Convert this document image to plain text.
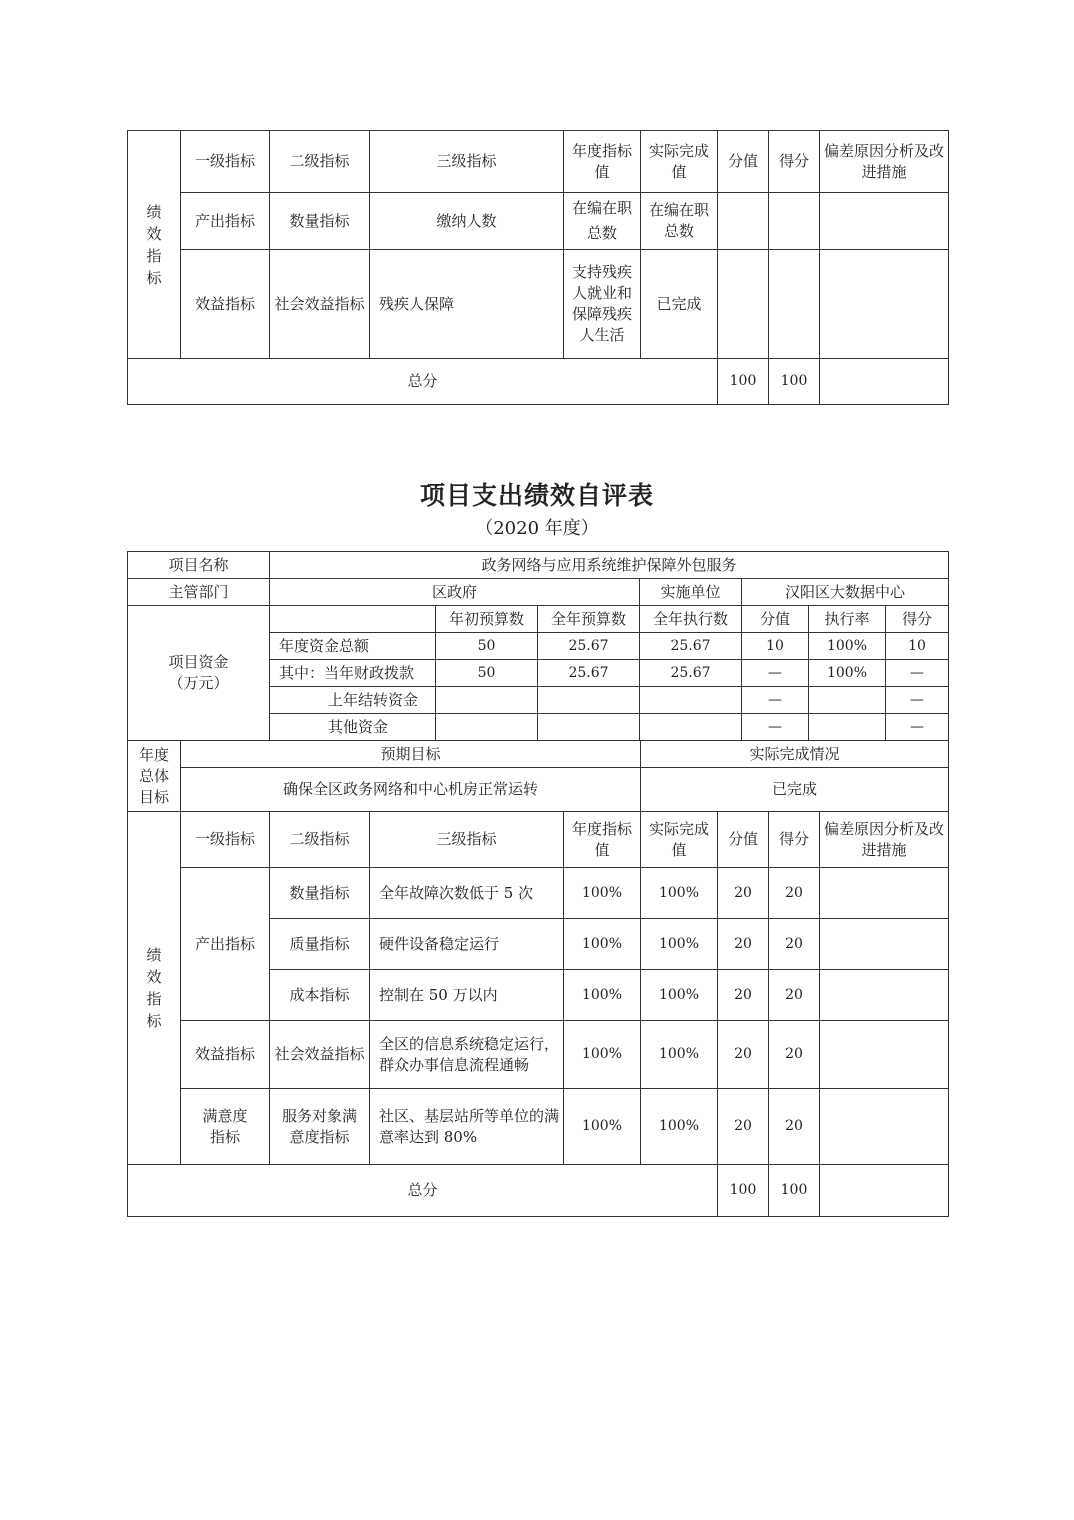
绩效指标	一级指标	二级指标	三级指标	年度指标值	实际完成值	分值	得分	偏差原因分析及改进措施
	产出指标	数量指标	缴纳人数	在编在职总数	在编在职总数			
	效益指标	社会效益指标	残疾人保障	支持残疾人就业和保障残疾人生活	已完成			
总分						100	100	
项目支出绩效自评表
（2020 年度）
项目名称	政务网络与应用系统维护保障外包服务						
主管部门	区政府			实施单位	汉阳区大数据中心		
项目资金（万元）		年初预算数	全年预算数	全年执行数	分值	执行率	得分
	年度资金总额	50	25.67	25.67	10	100%	10
	其中：当年财政拨款	50	25.67	25.67	—	100%	—
	上年结转资金				—		—
	其他资金				—		—
年度总体目标	预期目标	实际完成情况
	确保全区政务网络和中心机房正常运转	已完成
绩效指标	一级指标	二级指标	三级指标	年度指标值	实际完成值	分值	得分	偏差原因分析及改进措施
	产出指标	数量指标	全年故障次数低于 5 次	100%	100%	20	20	
		质量指标	硬件设备稳定运行	100%	100%	20	20	
		成本指标	控制在 50 万以内	100%	100%	20	20	
	效益指标	社会效益指标	全区的信息系统稳定运行，群众办事信息流程通畅	100%	100%	20	20	
	满意度指标	服务对象满意度指标	社区、基层站所等单位的满意率达到 80%	100%	100%	20	20	
总分						100	100	
